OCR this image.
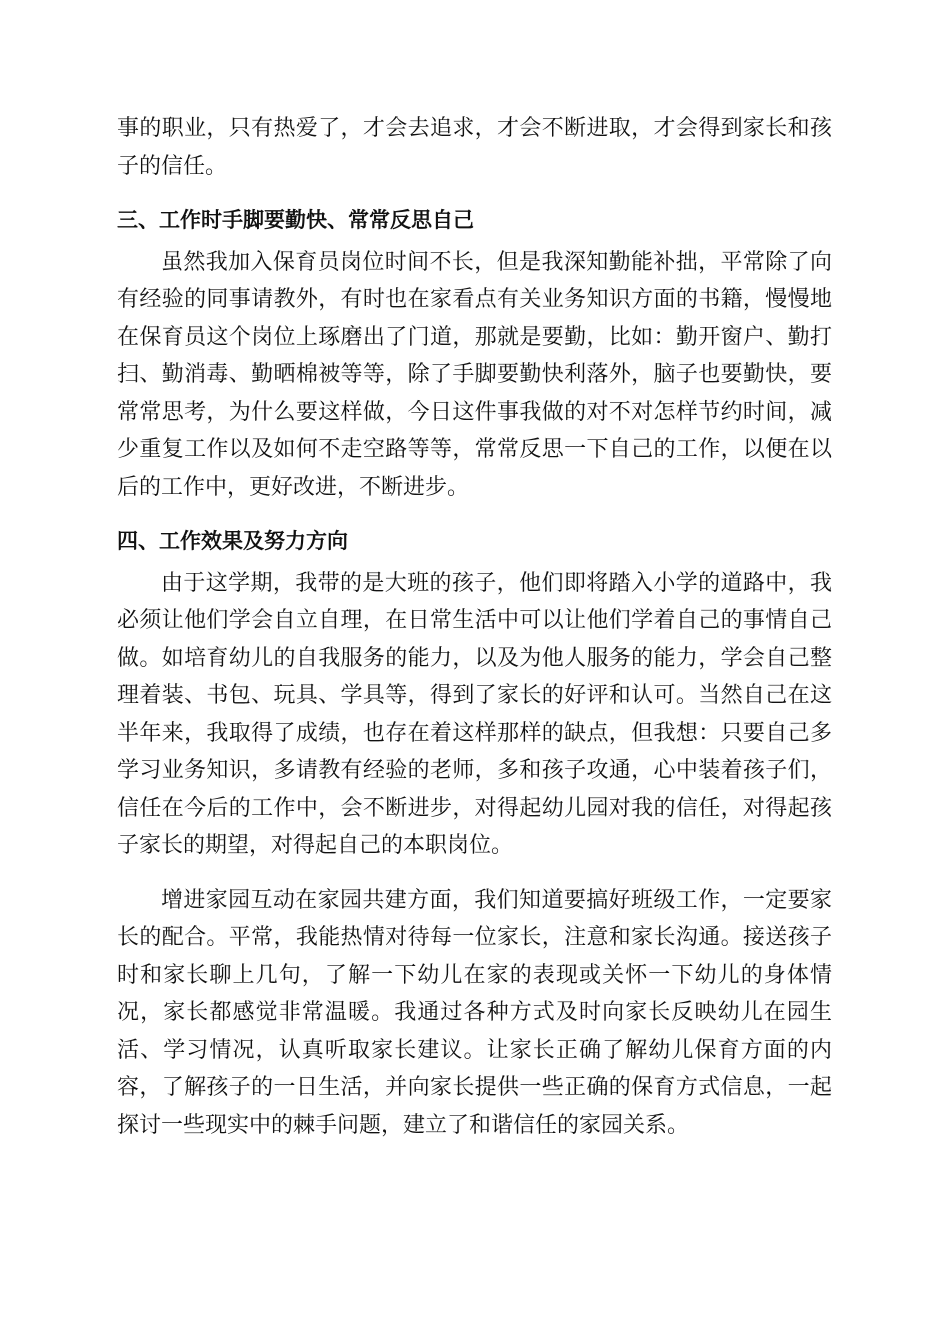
事的职业，只有热爱了，才会去追求，才会不断进取，才会得到家长和孩子的信任。

三、工作时手脚要勤快、常常反思自己

虽然我加入保育员岗位时间不长，但是我深知勤能补拙，平常除了向有经验的同事请教外，有时也在家看点有关业务知识方面的书籍，慢慢地在保育员这个岗位上琢磨出了门道，那就是要勤，比如：勤开窗户、勤打扫、勤消毒、勤晒棉被等等，除了手脚要勤快利落外，脑子也要勤快，要常常思考，为什么要这样做，今日这件事我做的对不对怎样节约时间，减少重复工作以及如何不走空路等等，常常反思一下自己的工作，以便在以后的工作中，更好改进，不断进步。

四、工作效果及努力方向

由于这学期，我带的是大班的孩子，他们即将踏入小学的道路中，我必须让他们学会自立自理，在日常生活中可以让他们学着自己的事情自己做。如培育幼儿的自我服务的能力，以及为他人服务的能力，学会自己整理着装、书包、玩具、学具等，得到了家长的好评和认可。当然自己在这半年来，我取得了成绩，也存在着这样那样的缺点，但我想：只要自己多学习业务知识，多请教有经验的老师，多和孩子攻通，心中装着孩子们，信任在今后的工作中，会不断进步，对得起幼儿园对我的信任，对得起孩子家长的期望，对得起自己的本职岗位。

增进家园互动在家园共建方面，我们知道要搞好班级工作，一定要家长的配合。平常，我能热情对待每一位家长，注意和家长沟通。接送孩子时和家长聊上几句，了解一下幼儿在家的表现或关怀一下幼儿的身体情况，家长都感觉非常温暖。我通过各种方式及时向家长反映幼儿在园生活、学习情况，认真听取家长建议。让家长正确了解幼儿保育方面的内容，了解孩子的一日生活，并向家长提供一些正确的保育方式信息，一起探讨一些现实中的棘手问题，建立了和谐信任的家园关系。
